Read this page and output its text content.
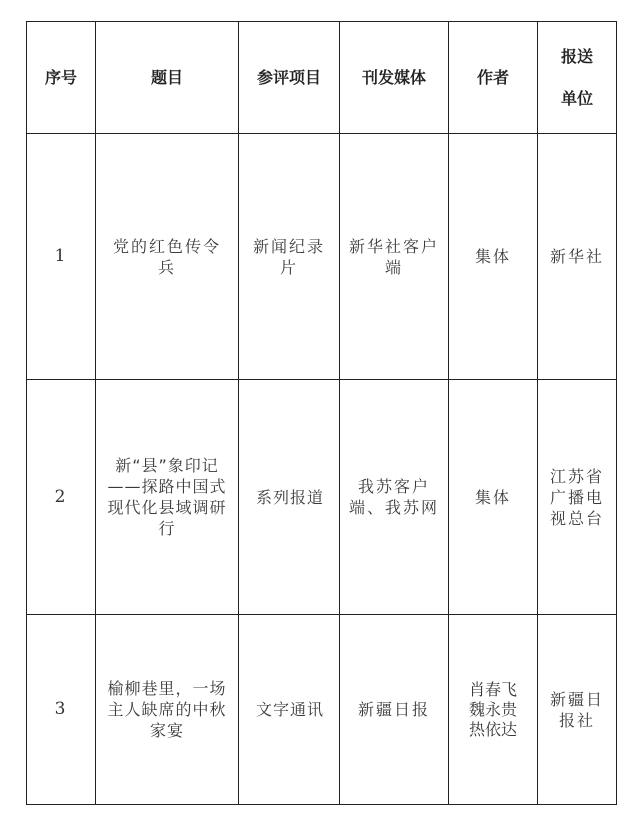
序号	题目	参评项目	刊发媒体	作者	报送单位
1	党的红色传令兵	新闻纪录片	新华社客户端	集体	新华社
2	新“县”象印记——探路中国式现代化县域调研行	系列报道	我苏客户端、我苏网	集体	江苏省广播电视总台
3	榆柳巷里，一场主人缺席的中秋家宴	文字通讯	新疆日报	肖春飞魏永贵热依达	新疆日报社
